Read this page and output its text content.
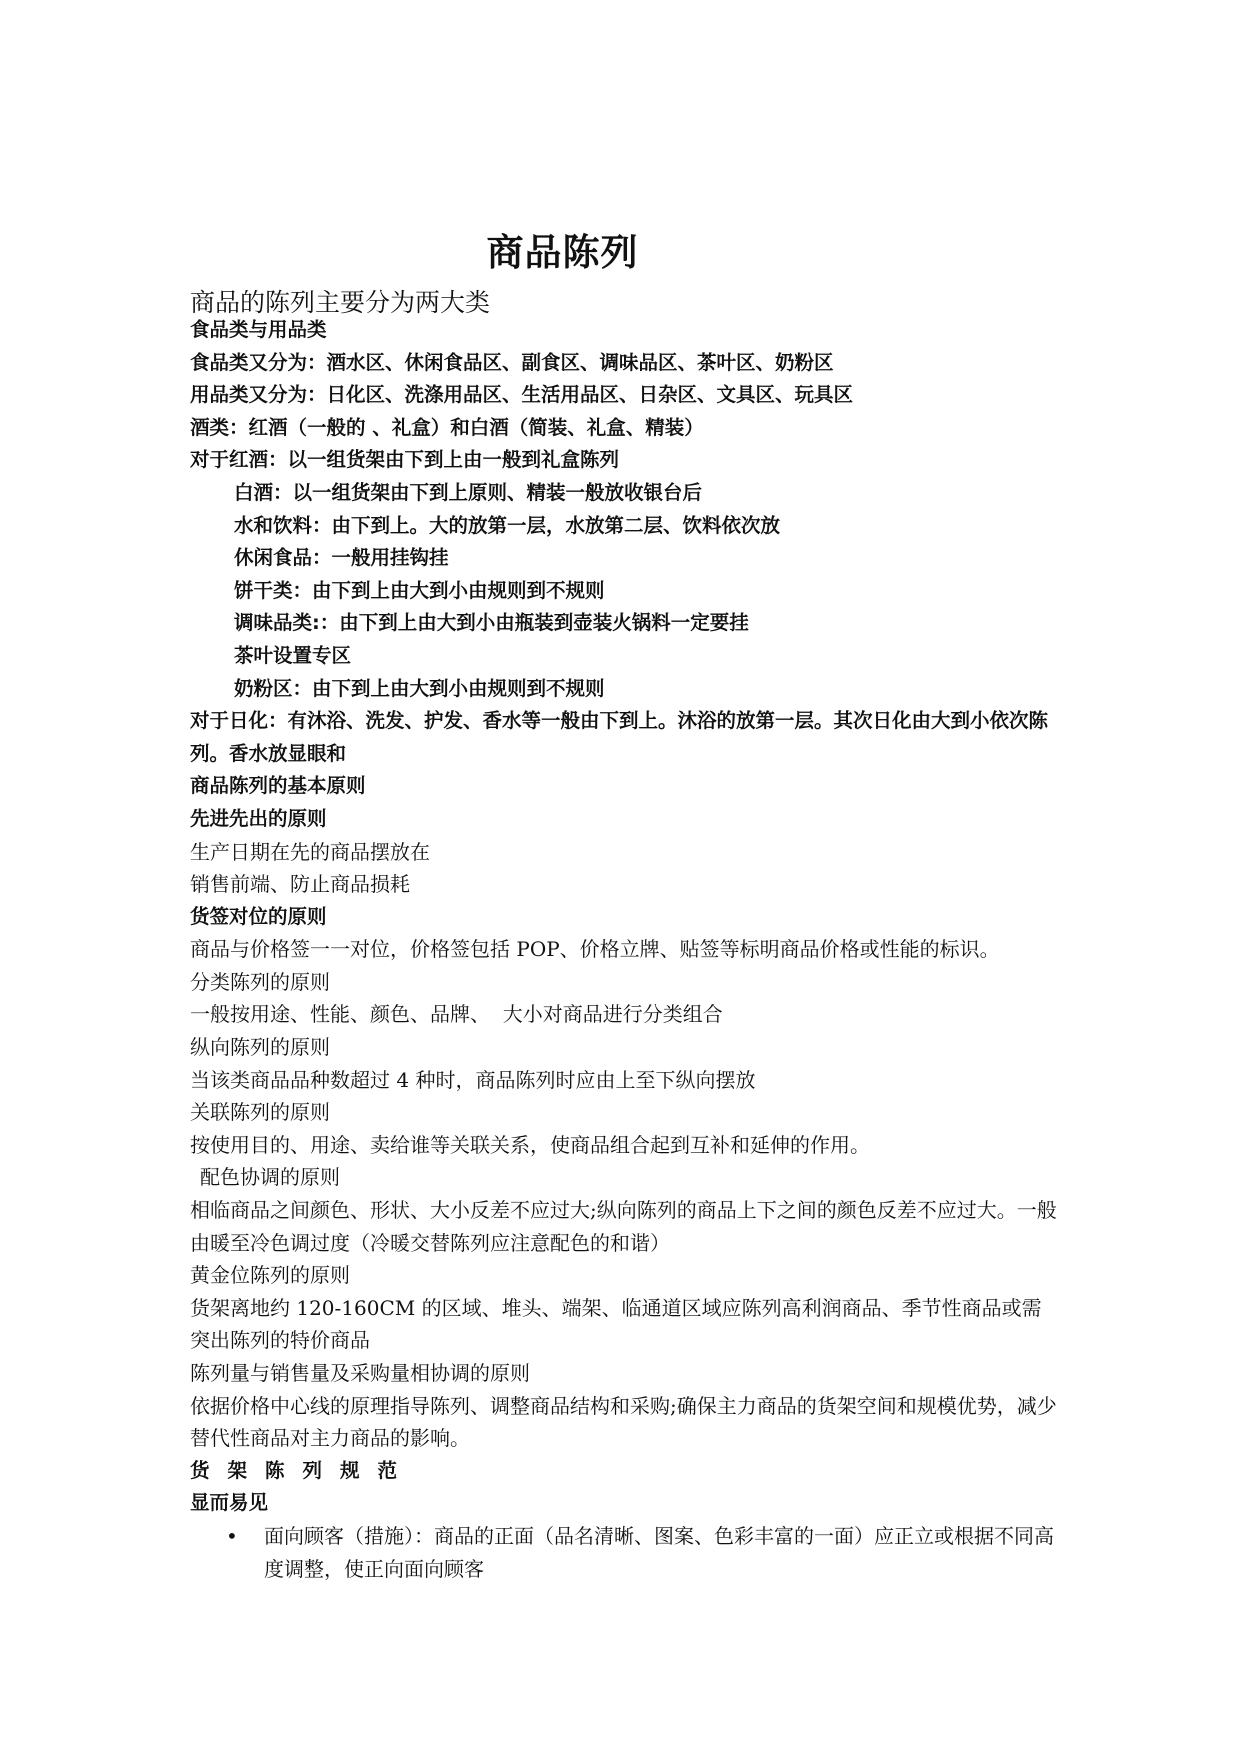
商品陈列
商品的陈列主要分为两大类

食品类与用品类

食品类又分为：酒水区、休闲食品区、副食区、调味品区、茶叶区、奶粉区

用品类又分为：日化区、洗涤用品区、生活用品区、日杂区、文具区、玩具区

酒类：红酒（一般的 、礼盒）和白酒（简装、礼盒、精装）

对于红酒：以一组货架由下到上由一般到礼盒陈列

白酒：以一组货架由下到上原则、精装一般放收银台后

水和饮料：由下到上。大的放第一层，水放第二层、饮料依次放

休闲食品：一般用挂钩挂

饼干类：由下到上由大到小由规则到不规则

调味品类:：由下到上由大到小由瓶装到壶装火锅料一定要挂

茶叶设置专区

奶粉区：由下到上由大到小由规则到不规则

对于日化：有沐浴、洗发、护发、香水等一般由下到上。沐浴的放第一层。其次日化由大到小依次陈列。香水放显眼和

商品陈列的基本原则

先进先出的原则

生产日期在先的商品摆放在

销售前端、防止商品损耗

货签对位的原则

商品与价格签一一对位，价格签包括 POP、价格立牌、贴签等标明商品价格或性能的标识。

分类陈列的原则

一般按用途、性能、颜色、品牌、  大小对商品进行分类组合

纵向陈列的原则

当该类商品品种数超过 4 种时，商品陈列时应由上至下纵向摆放

关联陈列的原则

按使用目的、用途、卖给谁等关联关系，使商品组合起到互补和延伸的作用。

配色协调的原则

相临商品之间颜色、形状、大小反差不应过大;纵向陈列的商品上下之间的颜色反差不应过大。一般由暖至冷色调过度（冷暖交替陈列应注意配色的和谐）

黄金位陈列的原则

货架离地约 120-160CM 的区域、堆头、端架、临通道区域应陈列高利润商品、季节性商品或需突出陈列的特价商品

陈列量与销售量及采购量相协调的原则

依据价格中心线的原理指导陈列、调整商品结构和采购;确保主力商品的货架空间和规模优势，减少替代性商品对主力商品的影响。

货架陈列规范

显而易见

• 面向顾客（措施）：商品的正面（品名清晰、图案、色彩丰富的一面）应正立或根据不同高度调整，使正向面向顾客
